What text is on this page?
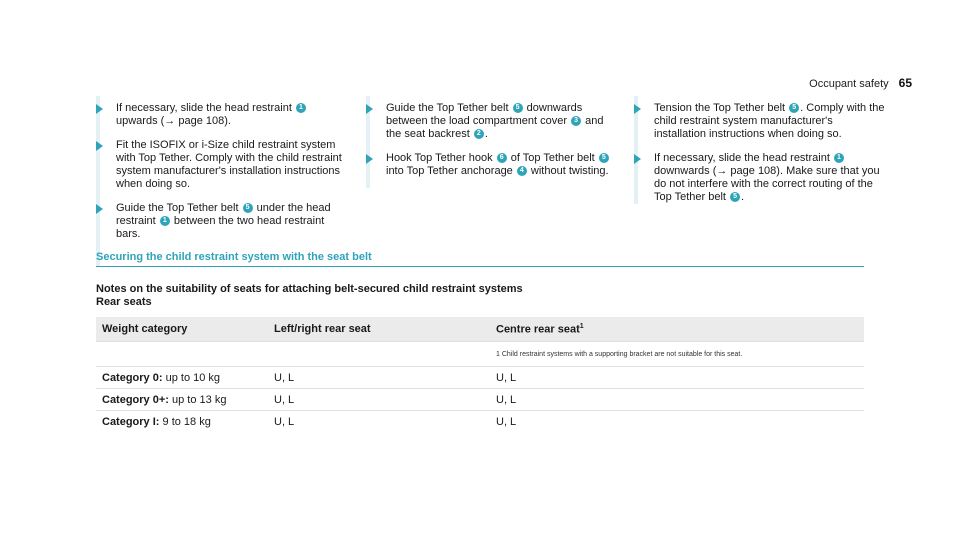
Occupant safety 65
If necessary, slide the head restraint 1 upwards (→ page 108).
Fit the ISOFIX or i-Size child restraint system with Top Tether. Comply with the child restraint system manufacturer's installation instructions when doing so.
Guide the Top Tether belt 5 under the head restraint 1 between the two head restraint bars.
Guide the Top Tether belt 5 downwards between the load compartment cover 3 and the seat backrest 2 .
Hook Top Tether hook 6 of Top Tether belt 5 into Top Tether anchorage 4 without twisting.
Tension the Top Tether belt 5 . Comply with the child restraint system manufacturer's installation instructions when doing so.
If necessary, slide the head restraint 1 downwards (→ page 108). Make sure that you do not interfere with the correct routing of the Top Tether belt 5 .
Securing the child restraint system with the seat belt
Notes on the suitability of seats for attaching belt-secured child restraint systems
Rear seats
Weight category	Left/right rear seat	Centre rear seat$^1$
		1 Child restraint systems with a supporting bracket are not suitable for this seat.
Category 0: up to 10 kg	U, L	U, L
Category 0+: up to 13 kg	U, L	U, L
Category I: 9 to 18 kg	U, L	U, L
